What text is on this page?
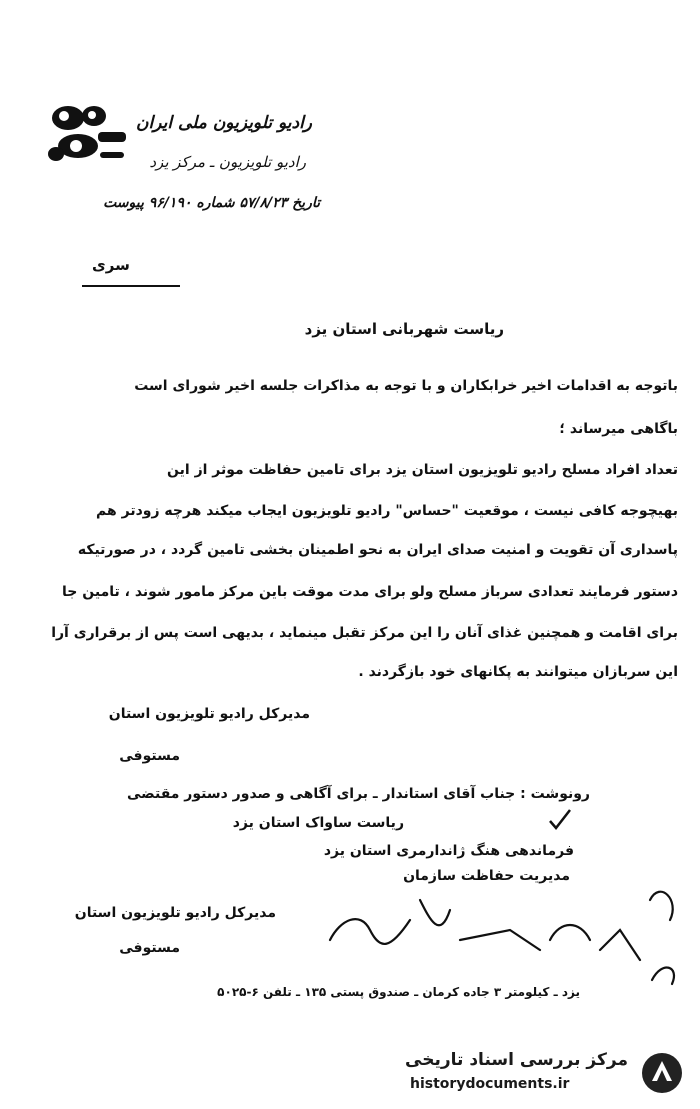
رادیو تلویزیون ملی ایران
رادیو تلویزیون ـ مرکز یزد
تاریخ ۵۷/۸/۲۳ شماره ۹۶/۱۹۰ پیوست
سری
ریاست شهربانی استان یزد
باتوجه به اقدامات اخیر خرابکاران و با توجه به مذاکرات جلسه اخیر شورای است
باگاهی میرساند ؛
تعداد افراد مسلح رادیو تلویزیون استان یزد برای تامین حفاظت موثر از این
بهیچوجه کافی نیست ، موقعیت "حساس" رادیو تلویزیون ایجاب میکند هرچه زودتر هم
پاسداری آن تقویت و امنیت صدای ایران به نحو اطمینان بخشی تامین گردد ، در صورتیکه
دستور فرمایند تعدادی سرباز مسلح ولو برای مدت موقت باین مرکز مامور شوند ، تامین جا
برای اقامت و همچنین غذای آنان را این مرکز تقبل مینماید ، بدیهی است پس از برقراری آرا
این سربازان میتوانند به پکانهای خود بازگردند .
مدیرکل رادیو تلویزیون استان
مستوفی
رونوشت : جناب آقای استاندار ـ برای آگاهی و صدور دستور مقتضی
ریاست ساواک استان یزد
فرماندهی هنگ ژاندارمری استان یزد
مدیریت حفاظت سازمان
مدیرکل رادیو تلویزیون استان
مستوفی
یزد ـ کیلومتر ۳ جاده کرمان ـ صندوق پستی ۱۳۵ ـ تلفن ۶-۵۰۲۵
مرکز بررسی اسناد تاریخی
historydocuments.ir
